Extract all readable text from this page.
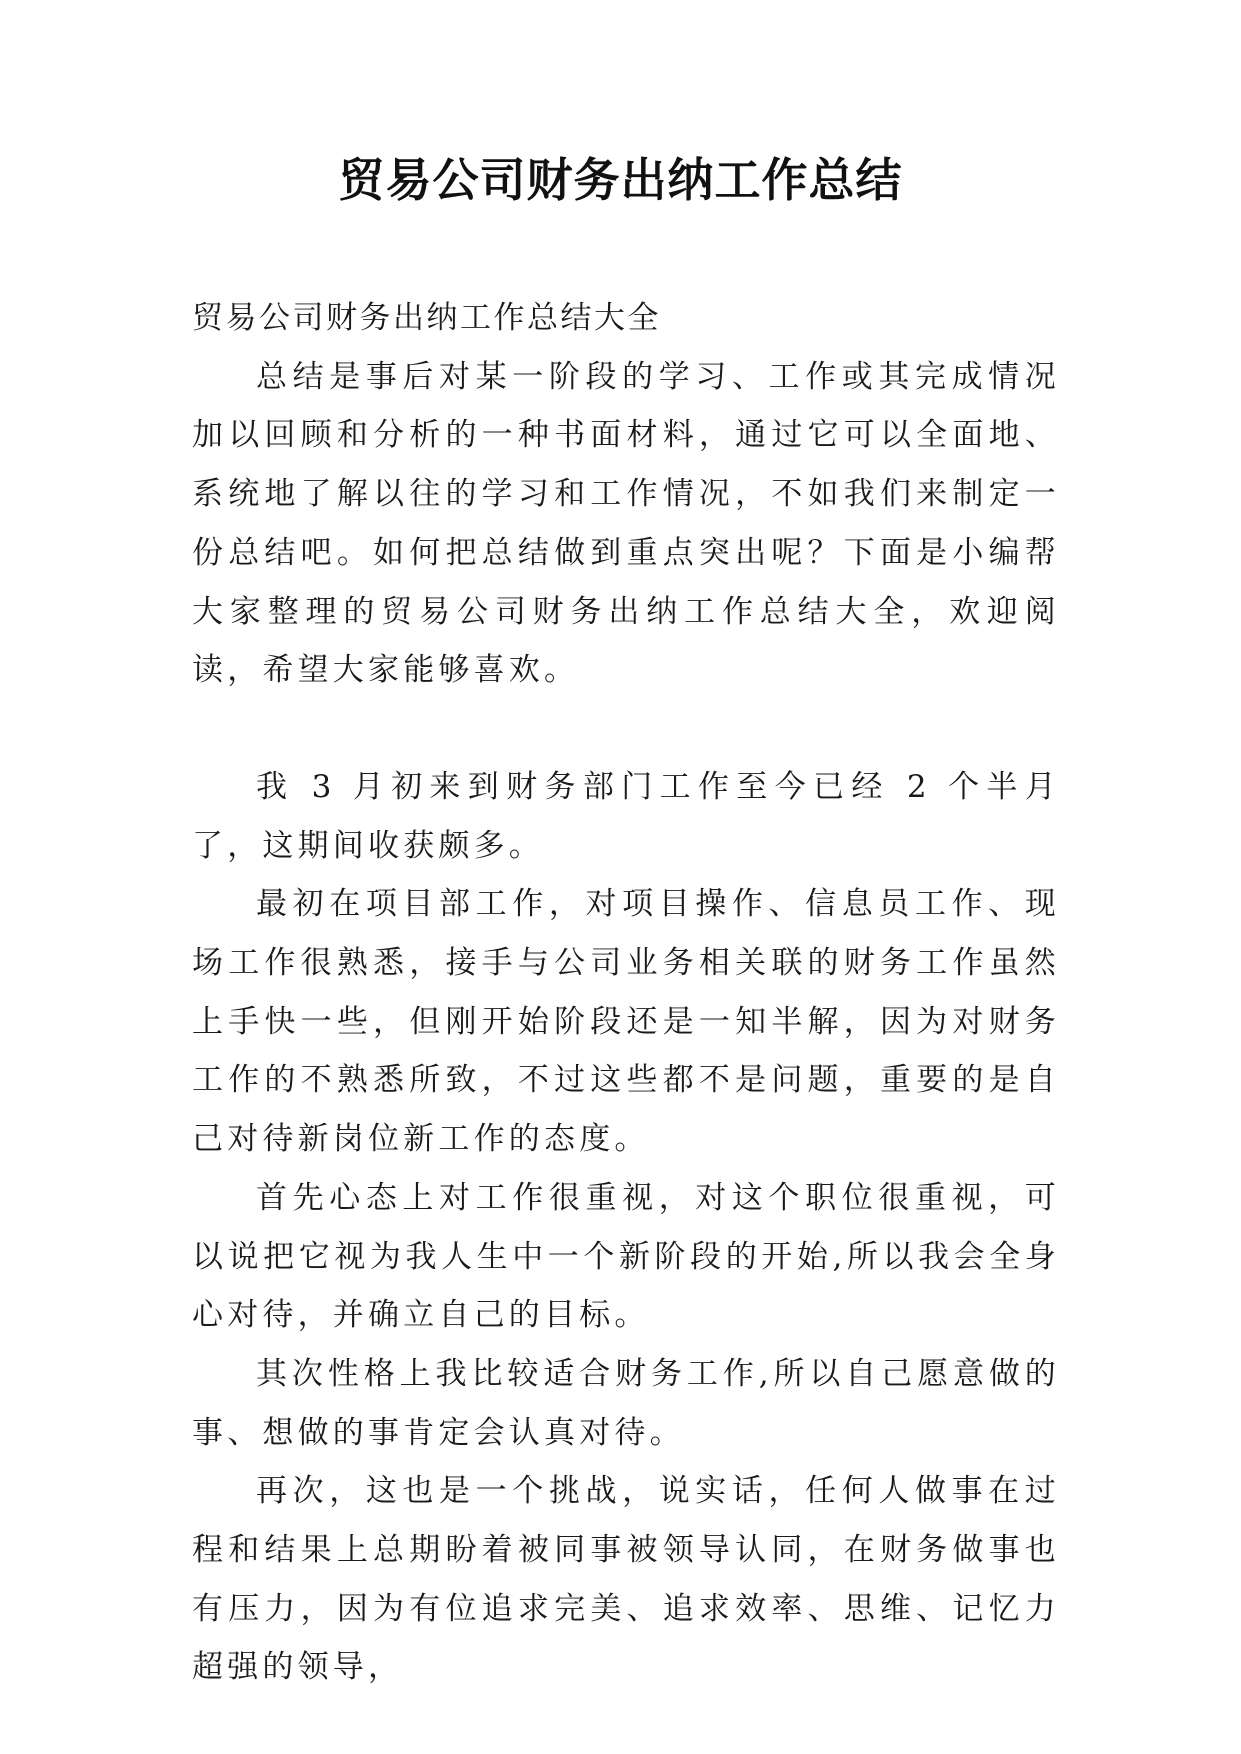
贸易公司财务出纳工作总结

贸易公司财务出纳工作总结大全

总结是事后对某一阶段的学习、工作或其完成情况加以回顾和分析的一种书面材料，通过它可以全面地、系统地了解以往的学习和工作情况，不如我们来制定一份总结吧。如何把总结做到重点突出呢？下面是小编帮大家整理的贸易公司财务出纳工作总结大全，欢迎阅读，希望大家能够喜欢。

我 3 月初来到财务部门工作至今已经 2 个半月了，这期间收获颇多。

最初在项目部工作，对项目操作、信息员工作、现场工作很熟悉，接手与公司业务相关联的财务工作虽然上手快一些，但刚开始阶段还是一知半解，因为对财务工作的不熟悉所致，不过这些都不是问题，重要的是自己对待新岗位新工作的态度。

首先心态上对工作很重视，对这个职位很重视，可以说把它视为我人生中一个新阶段的开始,所以我会全身心对待，并确立自己的目标。

其次性格上我比较适合财务工作,所以自己愿意做的事、想做的事肯定会认真对待。

再次，这也是一个挑战，说实话，任何人做事在过程和结果上总期盼着被同事被领导认同，在财务做事也有压力，因为有位追求完美、追求效率、思维、记忆力超强的领导，
